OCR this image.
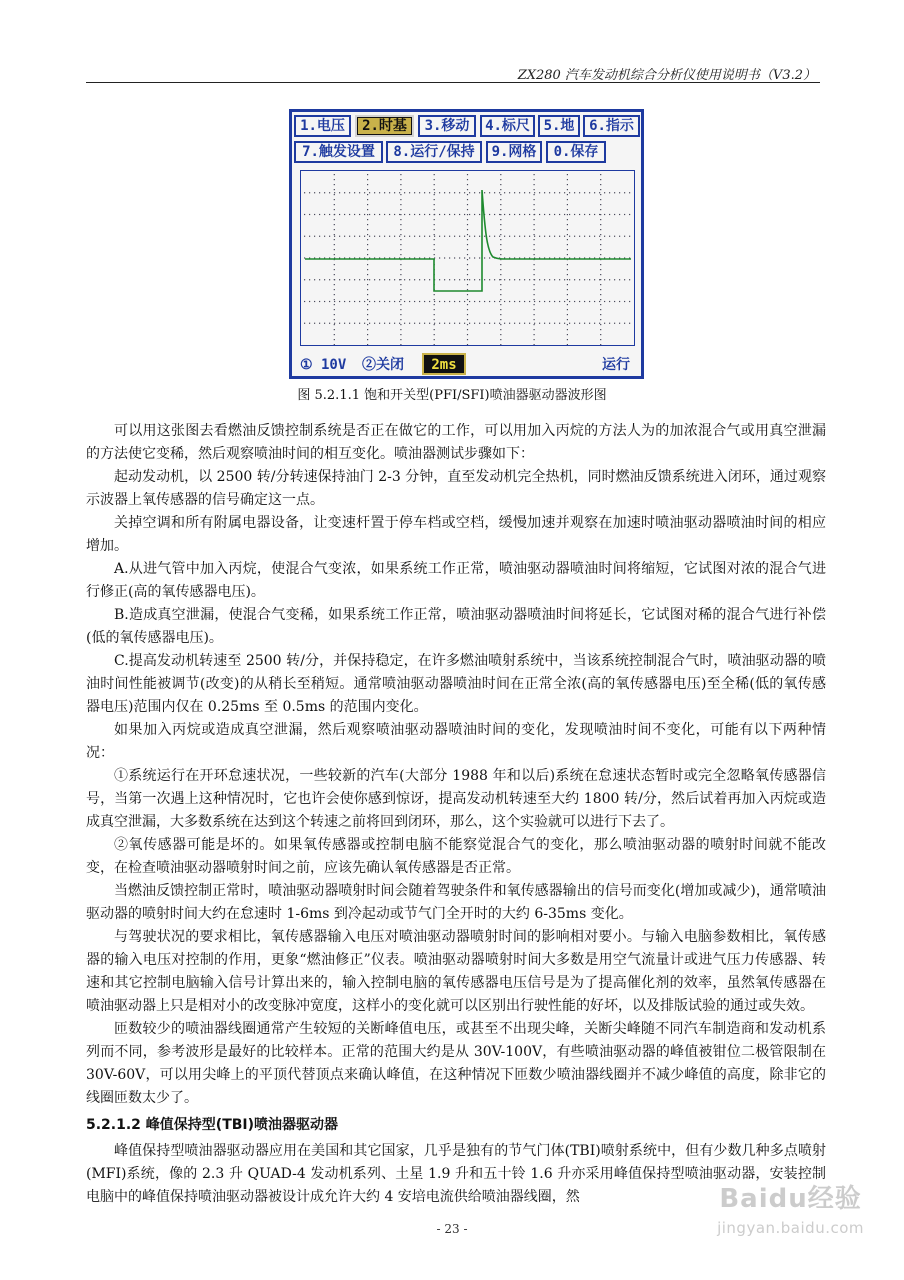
ZX280 汽车发动机综合分析仪使用说明书（V3.2）
1.电压	2.时基	3.移动	4.标尺 5.地	6.指示
7.触发设置	8.运行/保持	9.网格	0.保存
① 10V	②关闭	2ms	运行
图 5.2.1.1 饱和开关型(PFI/SFI)喷油器驱动器波形图

可以用这张图去看燃油反馈控制系统是否正在做它的工作，可以用加入丙烷的方法人为的加浓混合气或用真空泄漏的方法使它变稀，然后观察喷油时间的相互变化。喷油器测试步骤如下：

起动发动机，以 2500 转/分转速保持油门 2-3 分钟，直至发动机完全热机，同时燃油反馈系统进入闭环，通过观察示波器上氧传感器的信号确定这一点。

关掉空调和所有附属电器设备，让变速杆置于停车档或空档，缓慢加速并观察在加速时喷油驱动器喷油时间的相应增加。

A.从进气管中加入丙烷，使混合气变浓，如果系统工作正常，喷油驱动器喷油时间将缩短，它试图对浓的混合气进行修正(高的氧传感器电压)。

B.造成真空泄漏，使混合气变稀，如果系统工作正常，喷油驱动器喷油时间将延长，它试图对稀的混合气进行补偿(低的氧传感器电压)。

C.提高发动机转速至 2500 转/分，并保持稳定，在许多燃油喷射系统中，当该系统控制混合气时，喷油驱动器的喷油时间性能被调节(改变)的从稍长至稍短。通常喷油驱动器喷油时间在正常全浓(高的氧传感器电压)至全稀(低的氧传感器电压)范围内仅在 0.25ms 至 0.5ms 的范围内变化。

如果加入丙烷或造成真空泄漏，然后观察喷油驱动器喷油时间的变化，发现喷油时间不变化，可能有以下两种情况：

①系统运行在开环怠速状况，一些较新的汽车(大部分 1988 年和以后)系统在怠速状态暂时或完全忽略氧传感器信号，当第一次遇上这种情况时，它也许会使你感到惊讶，提高发动机转速至大约 1800 转/分，然后试着再加入丙烷或造成真空泄漏，大多数系统在达到这个转速之前将回到闭环，那么，这个实验就可以进行下去了。

②氧传感器可能是坏的。如果氧传感器或控制电脑不能察觉混合气的变化，那么喷油驱动器的喷射时间就不能改变，在检查喷油驱动器喷射时间之前，应该先确认氧传感器是否正常。

当燃油反馈控制正常时，喷油驱动器喷射时间会随着驾驶条件和氧传感器输出的信号而变化(增加或减少)，通常喷油驱动器的喷射时间大约在怠速时 1-6ms 到冷起动或节气门全开时的大约 6-35ms 变化。

与驾驶状况的要求相比，氧传感器输入电压对喷油驱动器喷射时间的影响相对要小。与输入电脑参数相比，氧传感器的输入电压对控制的作用，更象“燃油修正”仪表。喷油驱动器喷射时间大多数是用空气流量计或进气压力传感器、转速和其它控制电脑输入信号计算出来的，输入控制电脑的氧传感器电压信号是为了提高催化剂的效率，虽然氧传感器在喷油驱动器上只是相对小的改变脉冲宽度，这样小的变化就可以区别出行驶性能的好坏，以及排版试验的通过或失效。

匝数较少的喷油器线圈通常产生较短的关断峰值电压，或甚至不出现尖峰，关断尖峰随不同汽车制造商和发动机系列而不同，参考波形是最好的比较样本。正常的范围大约是从 30V-100V，有些喷油驱动器的峰值被钳位二极管限制在 30V-60V，可以用尖峰上的平顶代替顶点来确认峰值，在这种情况下匝数少喷油器线圈并不减少峰值的高度，除非它的线圈匝数太少了。

5.2.1.2 峰值保持型(TBI)喷油器驱动器

峰值保持型喷油器驱动器应用在美国和其它国家，几乎是独有的节气门体(TBI)喷射系统中，但有少数几种多点喷射(MFI)系统，像的 2.3 升 QUAD-4 发动机系列、土星 1.9 升和五十铃 1.6 升亦采用峰值保持型喷油驱动器，安装控制电脑中的峰值保持喷油驱动器被设计成允许大约 4 安培电流供给喷油器线圈，然

- 23 -
Baidu经验
jingyan.baidu.com
